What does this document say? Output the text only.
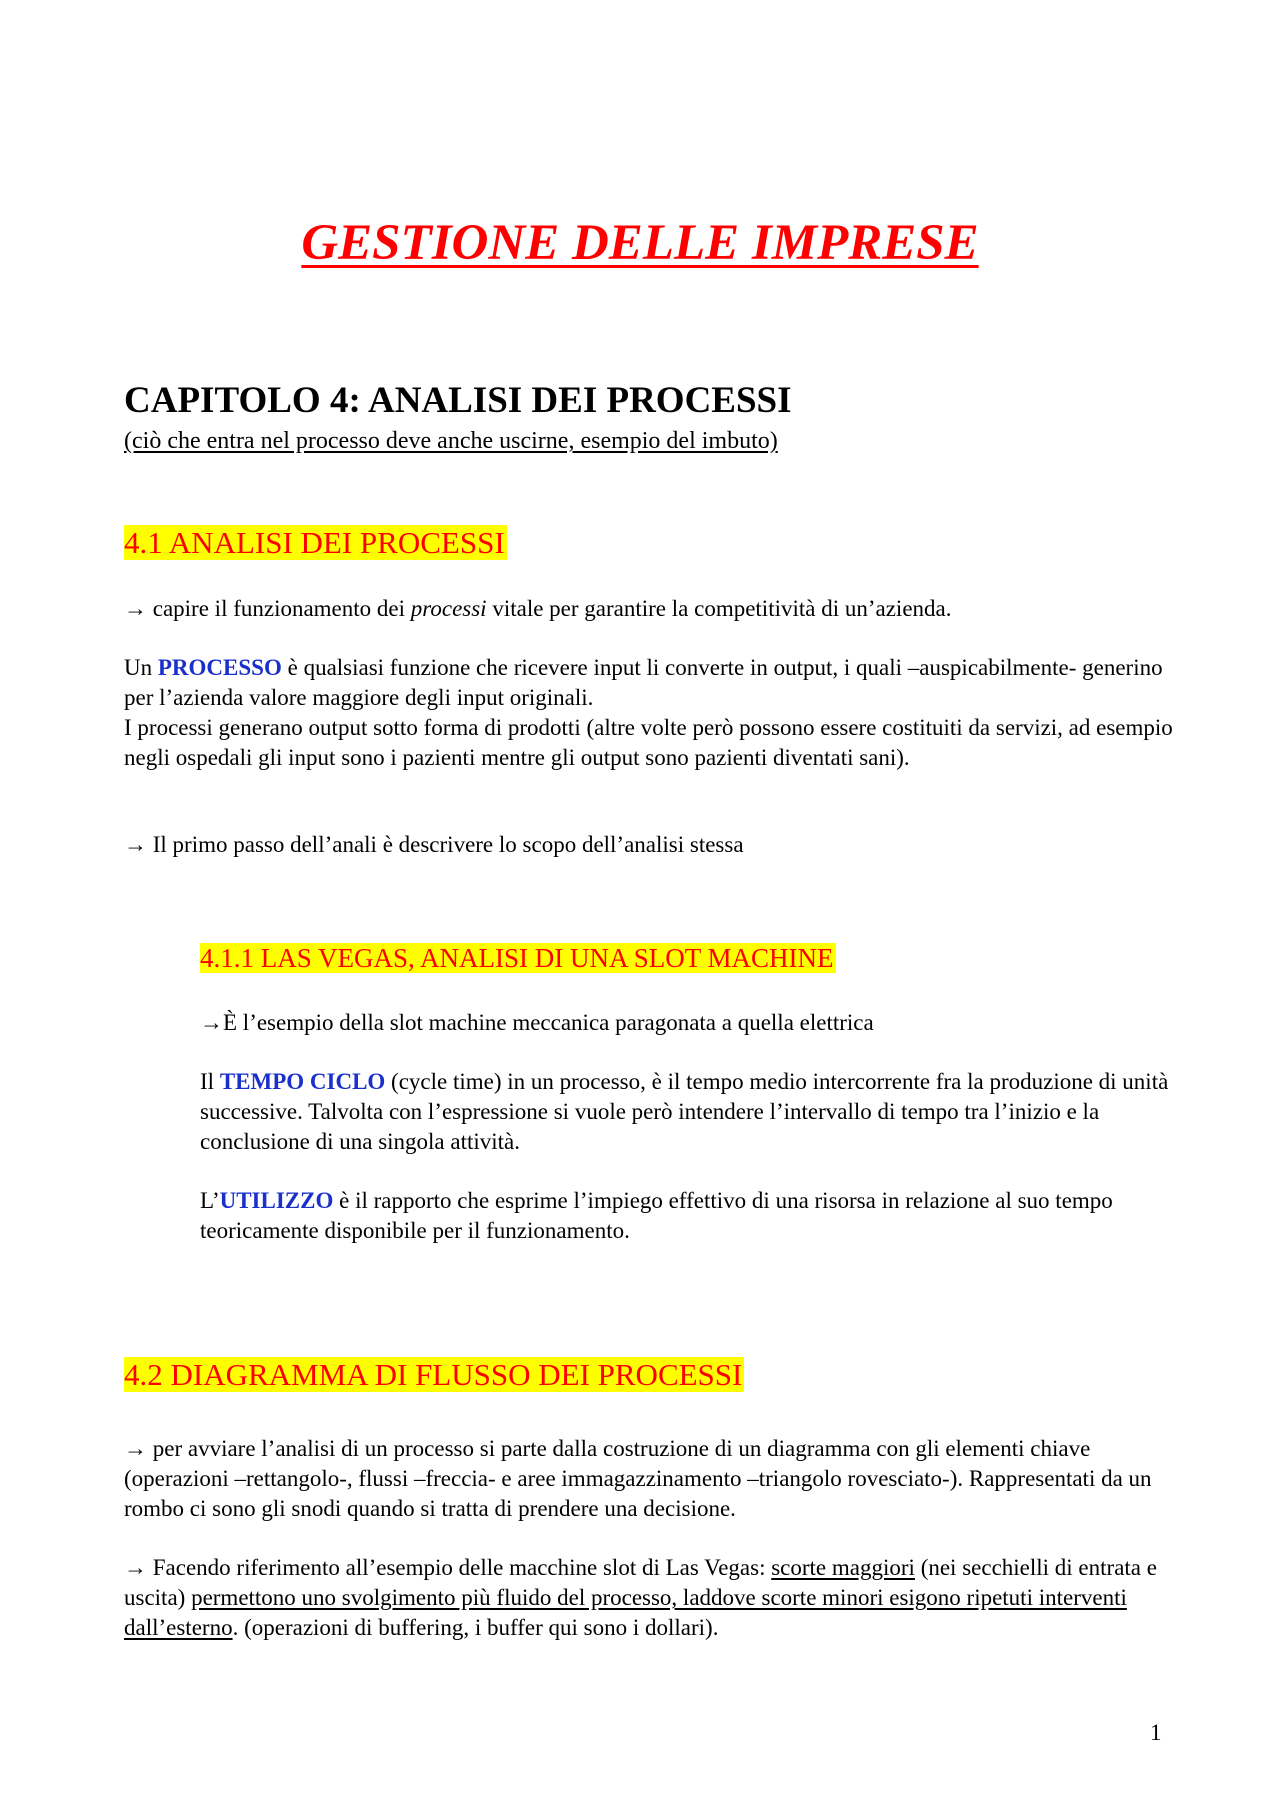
GESTIONE DELLE IMPRESE
CAPITOLO 4: ANALISI DEI PROCESSI

(ciò che entra nel processo deve anche uscirne, esempio del imbuto)

4.1 ANALISI DEI PROCESSI

→ capire il funzionamento dei processi vitale per garantire la competitività di un’azienda.

Un PROCESSO è qualsiasi funzione che ricevere input li converte in output, i quali –auspicabilmente- generino per l’azienda valore maggiore degli input originali.
I processi generano output sotto forma di prodotti (altre volte però possono essere costituiti da servizi, ad esempio negli ospedali gli input sono i pazienti mentre gli output sono pazienti diventati sani).

→ Il primo passo dell’anali è descrivere lo scopo dell’analisi stessa

4.1.1 LAS VEGAS, ANALISI DI UNA SLOT MACHINE

→È l’esempio della slot machine meccanica paragonata a quella elettrica

Il TEMPO CICLO (cycle time) in un processo, è il tempo medio intercorrente fra la produzione di unità successive. Talvolta con l’espressione si vuole però intendere l’intervallo di tempo tra l’inizio e la conclusione di una singola attività.

L’UTILIZZO è il rapporto che esprime l’impiego effettivo di una risorsa in relazione al suo tempo teoricamente disponibile per il funzionamento.

4.2 DIAGRAMMA DI FLUSSO DEI PROCESSI

→ per avviare l’analisi di un processo si parte dalla costruzione di un diagramma con gli elementi chiave (operazioni –rettangolo-, flussi –freccia- e aree immagazzinamento –triangolo rovesciato-). Rappresentati da un rombo ci sono gli snodi quando si tratta di prendere una decisione.

→ Facendo riferimento all’esempio delle macchine slot di Las Vegas: scorte maggiori (nei secchielli di entrata e uscita) permettono uno svolgimento più fluido del processo, laddove scorte minori esigono ripetuti interventi dall’esterno. (operazioni di buffering, i buffer qui sono i dollari).

1
